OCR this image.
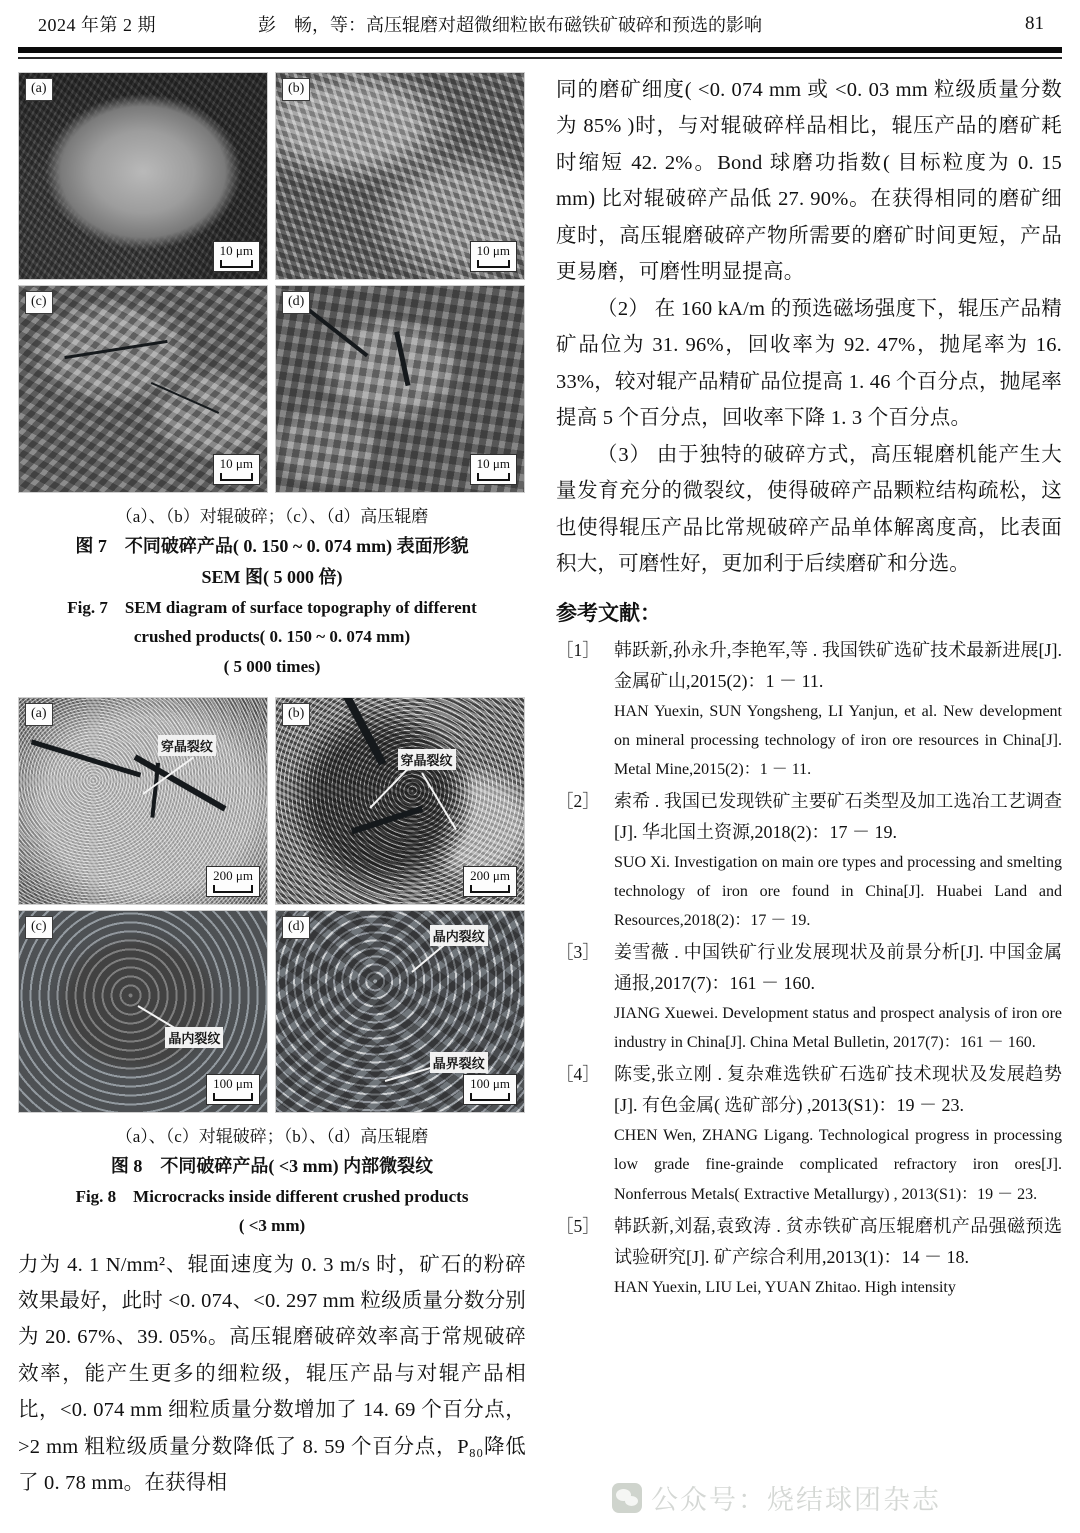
2024 年第 2 期	彭　畅，等：高压辊磨对超微细粒嵌布磁铁矿破碎和预选的影响	81
(a)
10 μm
(b)
10 μm
(c)
10 μm
(d)
10 μm
（a）、（b）对辊破碎；（c）、（d）高压辊磨
图 7　不同破碎产品( 0. 150 ~ 0. 074 mm) 表面形貌
SEM 图( 5 000 倍)
Fig. 7　SEM diagram of surface topography of different
crushed products( 0. 150 ~ 0. 074 mm)
( 5 000 times)
(a)
穿晶裂纹
200 μm
(b)
穿晶裂纹
200 μm
(c)
晶内裂纹
100 μm
(d)
晶内裂纹
晶界裂纹
100 μm
（a）、（c）对辊破碎；（b）、（d）高压辊磨
图 8　不同破碎产品( <3 mm) 内部微裂纹
Fig. 8　Microcracks inside different crushed products
( <3 mm)

力为 4. 1 N/mm²、辊面速度为 0. 3 m/s 时，矿石的粉碎效果最好，此时 <0. 074、<0. 297 mm 粒级质量分数分别为 20. 67%、39. 05%。高压辊磨破碎效率高于常规破碎效率，能产生更多的细粒级，辊压产品与对辊产品相比，<0. 074 mm 细粒质量分数增加了 14. 69 个百分点，>2 mm 粗粒级质量分数降低了 8. 59 个百分点，P₈₀降低了 0. 78 mm。在获得相

同的磨矿细度( <0. 074 mm 或 <0. 03 mm 粒级质量分数为 85% )时，与对辊破碎样品相比，辊压产品的磨矿耗时缩短 42. 2%。Bond 球磨功指数( 目标粒度为 0. 15 mm) 比对辊破碎产品低 27. 90%。在获得相同的磨矿细度时，高压辊磨破碎产物所需要的磨矿时间更短，产品更易磨，可磨性明显提高。

（2） 在 160 kA/m 的预选磁场强度下，辊压产品精矿品位为 31. 96%，回收率为 92. 47%，抛尾率为 16. 33%，较对辊产品精矿品位提高 1. 46 个百分点，抛尾率提高 5 个百分点，回收率下降 1. 3 个百分点。

（3） 由于独特的破碎方式，高压辊磨机能产生大量发育充分的微裂纹，使得破碎产品颗粒结构疏松，这也使得辊压产品比常规破碎产品单体解离度高，比表面积大，可磨性好，更加利于后续磨矿和分选。

参考文献：
［1］ 韩跃新,孙永升,李艳军,等 . 我国铁矿选矿技术最新进展[J]. 金属矿山,2015(2)：1 － 11.
HAN Yuexin, SUN Yongsheng, LI Yanjun, et al. New development on mineral processing technology of iron ore resources in China[J]. Metal Mine,2015(2)：1 － 11.
［2］ 索希 . 我国已发现铁矿主要矿石类型及加工选冶工艺调查[J]. 华北国土资源,2018(2)：17 － 19.
SUO Xi. Investigation on main ore types and processing and smelting technology of iron ore found in China[J]. Huabei Land and Resources,2018(2)：17 － 19.
［3］ 姜雪薇 . 中国铁矿行业发展现状及前景分析[J]. 中国金属通报,2017(7)：161 － 160.
JIANG Xuewei. Development status and prospect analysis of iron ore industry in China[J]. China Metal Bulletin, 2017(7)：161 － 160.
［4］ 陈雯,张立刚 . 复杂难选铁矿石选矿技术现状及发展趋势[J]. 有色金属( 选矿部分) ,2013(S1)：19 － 23.
CHEN Wen, ZHANG Ligang. Technological progress in processing low grade fine-grainde complicated refractory iron ores[J]. Nonferrous Metals( Extractive Metallurgy) , 2013(S1)：19 － 23.
［5］ 韩跃新,刘磊,袁致涛 . 贫赤铁矿高压辊磨机产品强磁预选试验研究[J]. 矿产综合利用,2013(1)：14 － 18.
HAN Yuexin, LIU Lei, YUAN Zhitao. High intensity
公众号：烧结球团杂志
